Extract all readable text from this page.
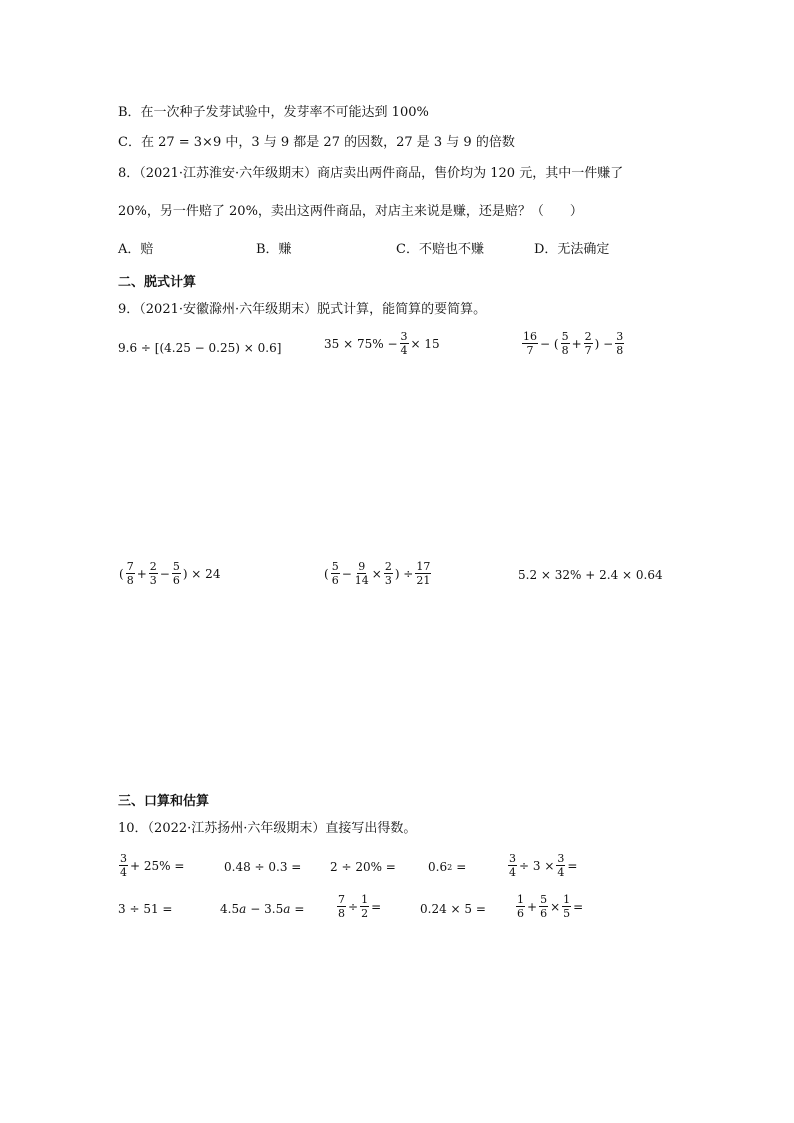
B．在一次种子发芽试验中，发芽率不可能达到 100%
C．在 27 = 3×9 中，3 与 9 都是 27 的因数，27 是 3 与 9 的倍数
8．（2021·江苏淮安·六年级期末）商店卖出两件商品，售价均为 120 元，其中一件赚了
20%，另一件赔了 20%，卖出这两件商品，对店主来说是赚，还是赔？（　　）
A．赔	B．赚	C．不赔也不赚	D．无法确定
二、脱式计算
9．（2021·安徽滁州·六年级期末）脱式计算，能简算的要简算。
9.6 ÷ [(4.25 − 0.25) × 0.6]	$35 \times 75\% - \frac{3}{4} \times 15$	$\frac{16}{7}$ − ( $\frac{5}{8} + \frac{2}{7}$ ) − $\frac{3}{8}$
( $\frac{7}{8} + \frac{2}{3} - \frac{5}{6}$ ) × 24	( $\frac{5}{6} - \frac{9}{14} \times \frac{2}{3}$ ) ÷ $\frac{17}{21}$	5.2 × 32% + 2.4 × 0.64
三、口算和估算
10．（2022·江苏扬州·六年级期末）直接写出得数。
$\frac{3}{4} + 25\%$ =	0.48 ÷ 0.3 = 2 ÷ 20% =	0.6 2 =	$\frac{3}{4} \div 3 \times \frac{3}{4}$ =
3 ÷ 51 =	4.5 a − 3.5 a =	$\frac{7}{8} \div \frac{1}{2}$ =	0.24 × 5 =	$\frac{1}{6} + \frac{5}{6} \times \frac{1}{5}$ =
